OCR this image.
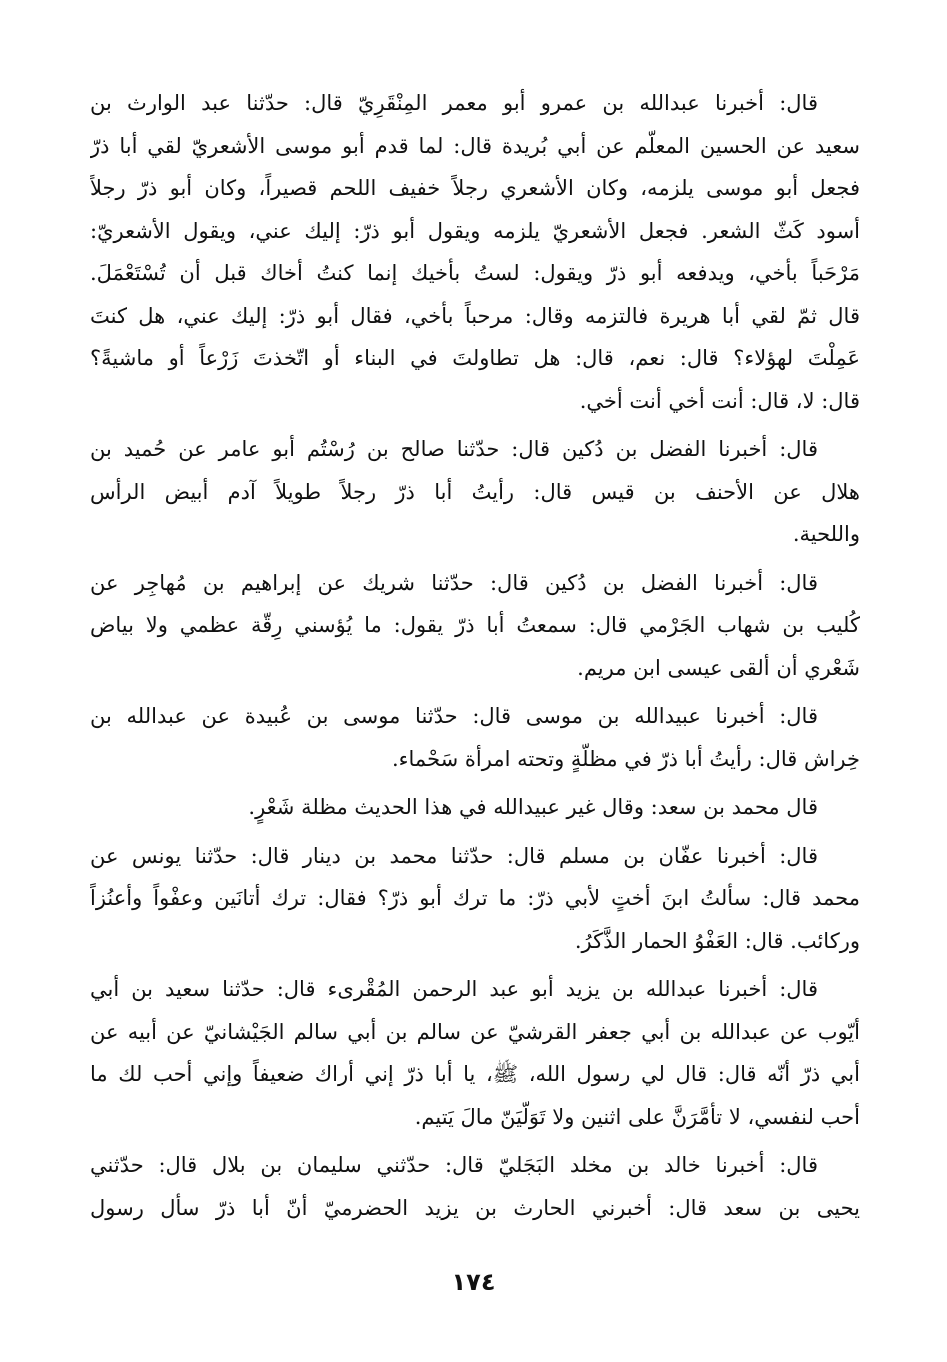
قال: أخبرنا عبدالله بن عمرو أبو معمر المِنْقَرِيّ قال: حدّثنا عبد الوارث بن
سعيد عن الحسين المعلّم عن أبي بُريدة قال: لما قدم أبو موسى الأشعريّ لقي أبا ذرّ
فجعل أبو موسى يلزمه، وكان الأشعري رجلاً خفيف اللحم قصيراً، وكان أبو ذرّ رجلاً
أسود كَثّ الشعر. فجعل الأشعريّ يلزمه ويقول أبو ذرّ: إليك عني، ويقول الأشعريّ:
مَرْحَباً بأخي، ويدفعه أبو ذرّ ويقول: لستُ بأخيك إنما كنتُ أخاك قبل أن تُسْتَعْمَلَ.
قال ثمّ لقي أبا هريرة فالتزمه وقال: مرحباً بأخي، فقال أبو ذرّ: إليك عني، هل كنتَ
عَمِلْتَ لهؤلاء؟ قال: نعم، قال: هل تطاولتَ في البناء أو اتّخذتَ زَرْعاً أو ماشيةً؟
قال: لا، قال: أنت أخي أنت أخي.
قال: أخبرنا الفضل بن دُكين قال: حدّثنا صالح بن رُسْتُم أبو عامر عن حُميد بن
هلال عن الأحنف بن قيس قال: رأيتُ أبا ذرّ رجلاً طويلاً آدم أبيض الرأس
واللحية.
قال: أخبرنا الفضل بن دُكين قال: حدّثنا شريك عن إبراهيم بن مُهاجِر عن
كُليب بن شهاب الجَرْمي قال: سمعتُ أبا ذرّ يقول: ما يُؤسني رِقّة عظمي ولا بياض
شَعْري أن ألقى عيسى ابن مريم.
قال: أخبرنا عبيدالله بن موسى قال: حدّثنا موسى بن عُبيدة عن عبدالله بن
خِراش قال: رأيتُ أبا ذرّ في مظلّةٍ وتحته امرأة سَحْماء.
قال محمد بن سعد: وقال غير عبيدالله في هذا الحديث مظلة شَعْرٍ.
قال: أخبرنا عفّان بن مسلم قال: حدّثنا محمد بن دينار قال: حدّثنا يونس عن
محمد قال: سألتُ ابنَ أختٍ لأبي ذرّ: ما ترك أبو ذرّ؟ فقال: ترك أتانَين وعفْواً وأعنُزاً
وركائب. قال: العَفْوُ الحمار الذَّكَرُ.
قال: أخبرنا عبدالله بن يزيد أبو عبد الرحمن المُقْرىء قال: حدّثنا سعيد بن أبي
أيّوب عن عبدالله بن أبي جعفر القرشيّ عن سالم بن أبي سالم الجَيْشانيّ عن أبيه عن
أبي ذرّ أنّه قال: قال لي رسول الله، ﷺ، يا أبا ذرّ إني أراك ضعيفاً وإني أحب لك ما
أحب لنفسي، لا تأمَّرَنَّ على اثنين ولا تَوَلّيَنّ مالَ يَتيم.
قال: أخبرنا خالد بن مخلد البَجَليّ قال: حدّثني سليمان بن بلال قال: حدّثني
يحيى بن سعد قال: أخبرني الحارث بن يزيد الحضرميّ أنّ أبا ذرّ سأل رسول
١٧٤
